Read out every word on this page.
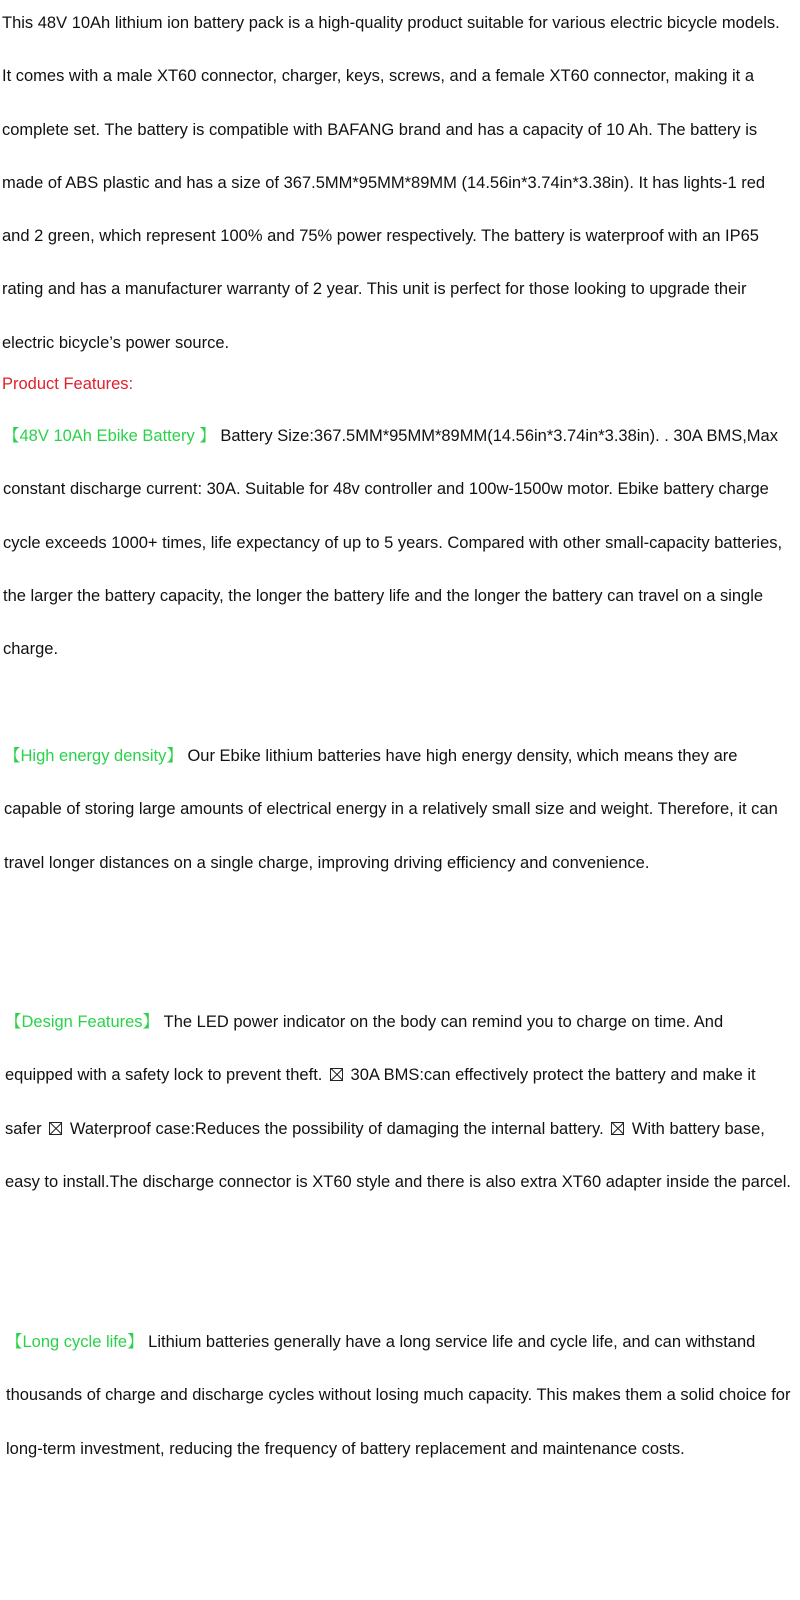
This 48V 10Ah lithium ion battery pack is a high-quality product suitable for various electric bicycle models. It comes with a male XT60 connector, charger, keys, screws, and a female XT60 connector, making it a complete set. The battery is compatible with BAFANG brand and has a capacity of 10 Ah. The battery is made of ABS plastic and has a size of 367.5MM*95MM*89MM (14.56in*3.74in*3.38in). It has lights-1 red and 2 green, which represent 100% and 75% power respectively. The battery is waterproof with an IP65 rating and has a manufacturer warranty of 2 year. This unit is perfect for those looking to upgrade their electric bicycle’s power source.

Product Features:

【48V 10Ah Ebike Battery 】 Battery Size:367.5MM*95MM*89MM(14.56in*3.74in*3.38in). . 30A BMS,Max constant discharge current: 30A. Suitable for 48v controller and 100w-1500w motor. Ebike battery charge cycle exceeds 1000+ times, life expectancy of up to 5 years. Compared with other small-capacity batteries, the larger the battery capacity, the longer the battery life and the longer the battery can travel on a single charge.

【High energy density】 Our Ebike lithium batteries have high energy density, which means they are capable of storing large amounts of electrical energy in a relatively small size and weight. Therefore, it can travel longer distances on a single charge, improving driving efficiency and convenience.

【Design Features】 The LED power indicator on the body can remind you to charge on time. And equipped with a safety lock to prevent theft. 30A BMS:can effectively protect the battery and make it safer Waterproof case:Reduces the possibility of damaging the internal battery. With battery base, easy to install.The discharge connector is XT60 style and there is also extra XT60 adapter inside the parcel.

【Long cycle life】 Lithium batteries generally have a long service life and cycle life, and can withstand thousands of charge and discharge cycles without losing much capacity. This makes them a solid choice for long-term investment, reducing the frequency of battery replacement and maintenance costs.
